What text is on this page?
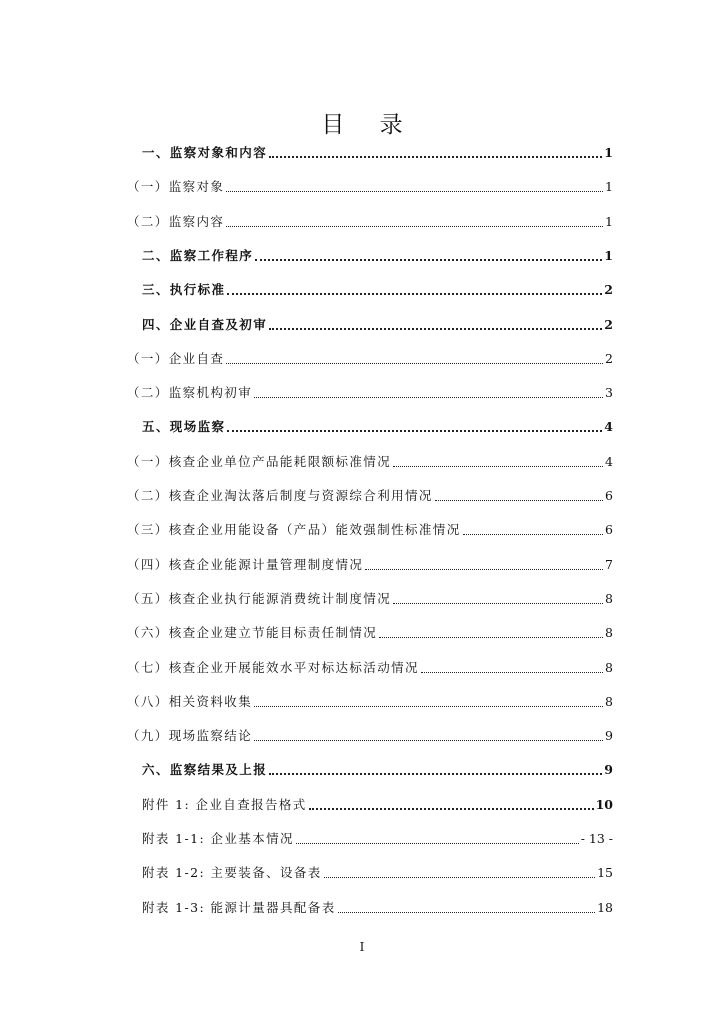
目 录
一、监察对象和内容	1
（一）监察对象	1
（二）监察内容	1
二、监察工作程序	1
三、执行标准	2
四、企业自查及初审	2
（一）企业自查	2
（二）监察机构初审	3
五、现场监察	4
（一）核查企业单位产品能耗限额标准情况	4
（二）核查企业淘汰落后制度与资源综合利用情况	6
（三）核查企业用能设备（产品）能效强制性标准情况	6
（四）核查企业能源计量管理制度情况	7
（五）核查企业执行能源消费统计制度情况	8
（六）核查企业建立节能目标责任制情况	8
（七）核查企业开展能效水平对标达标活动情况	8
（八）相关资料收集	8
（九）现场监察结论	9
六、监察结果及上报	9
附件 1: 企业自查报告格式	10
附表 1-1: 企业基本情况	- 13 -
附表 1-2: 主要装备、设备表	15
附表 1-3: 能源计量器具配备表	18
I
